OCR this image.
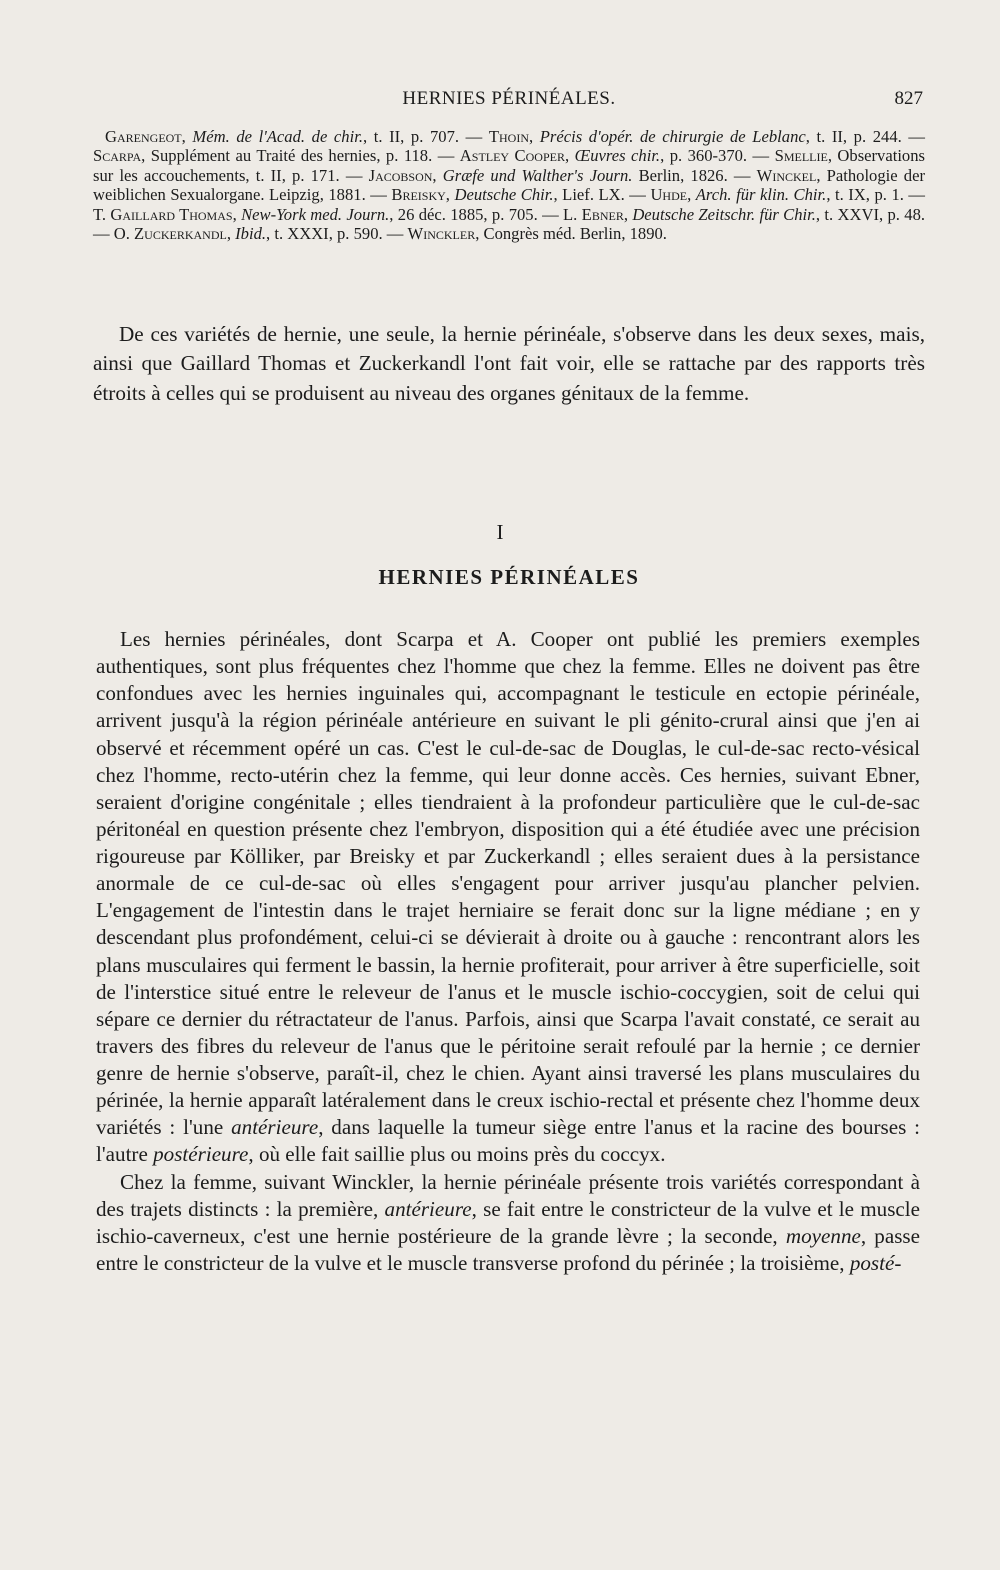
HERNIES PÉRINÉALES.	827

Garengeot, Mém. de l'Acad. de chir., t. II, p. 707. — Thoin, Précis d'opér. de chirurgie de Leblanc, t. II, p. 244. — Scarpa, Supplément au Traité des hernies, p. 118. — Astley Cooper, Œuvres chir., p. 360-370. — Smellie, Observations sur les accouchements, t. II, p. 171. — Jacobson, Græfe und Walther's Journ. Berlin, 1826. — Winckel, Pathologie der weiblichen Sexualorgane. Leipzig, 1881. — Breisky, Deutsche Chir., Lief. LX. — Uhde, Arch. für klin. Chir., t. IX, p. 1. — T. Gaillard Thomas, New-York med. Journ., 26 déc. 1885, p. 705. — L. Ebner, Deutsche Zeitschr. für Chir., t. XXVI, p. 48. — O. Zuckerkandl, Ibid., t. XXXI, p. 590. — Winckler, Congrès méd. Berlin, 1890.

De ces variétés de hernie, une seule, la hernie périnéale, s'observe dans les deux sexes, mais, ainsi que Gaillard Thomas et Zuckerkandl l'ont fait voir, elle se rattache par des rapports très étroits à celles qui se produisent au niveau des organes génitaux de la femme.

I
HERNIES PÉRINÉALES

Les hernies périnéales, dont Scarpa et A. Cooper ont publié les premiers exemples authentiques, sont plus fréquentes chez l'homme que chez la femme. Elles ne doivent pas être confondues avec les hernies inguinales qui, accompagnant le testicule en ectopie périnéale, arrivent jusqu'à la région périnéale antérieure en suivant le pli génito-crural ainsi que j'en ai observé et récemment opéré un cas. C'est le cul-de-sac de Douglas, le cul-de-sac recto-vésical chez l'homme, recto-utérin chez la femme, qui leur donne accès. Ces hernies, suivant Ebner, seraient d'origine congénitale ; elles tiendraient à la profondeur particulière que le cul-de-sac péritonéal en question présente chez l'embryon, disposition qui a été étudiée avec une précision rigoureuse par Kölliker, par Breisky et par Zuckerkandl ; elles seraient dues à la persistance anormale de ce cul-de-sac où elles s'engagent pour arriver jusqu'au plancher pelvien. L'engagement de l'intestin dans le trajet herniaire se ferait donc sur la ligne médiane ; en y descendant plus profondément, celui-ci se dévierait à droite ou à gauche : rencontrant alors les plans musculaires qui ferment le bassin, la hernie profiterait, pour arriver à être superficielle, soit de l'interstice situé entre le releveur de l'anus et le muscle ischio-coccygien, soit de celui qui sépare ce dernier du rétractateur de l'anus. Parfois, ainsi que Scarpa l'avait constaté, ce serait au travers des fibres du releveur de l'anus que le péritoine serait refoulé par la hernie ; ce dernier genre de hernie s'observe, paraît-il, chez le chien. Ayant ainsi traversé les plans musculaires du périnée, la hernie apparaît latéralement dans le creux ischio-rectal et présente chez l'homme deux variétés : l'une antérieure, dans laquelle la tumeur siège entre l'anus et la racine des bourses : l'autre postérieure, où elle fait saillie plus ou moins près du coccyx.

Chez la femme, suivant Winckler, la hernie périnéale présente trois variétés correspondant à des trajets distincts : la première, antérieure, se fait entre le constricteur de la vulve et le muscle ischio-caverneux, c'est une hernie postérieure de la grande lèvre ; la seconde, moyenne, passe entre le constricteur de la vulve et le muscle transverse profond du périnée ; la troisième, posté-
